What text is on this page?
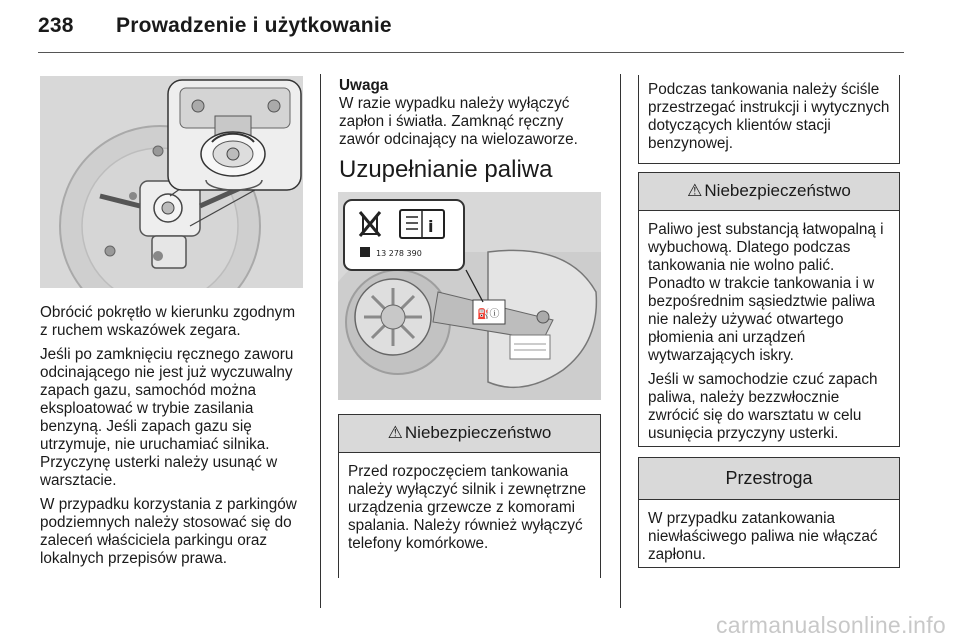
238 Prowadzenie i użytkowanie

Obrócić pokrętło w kierunku zgodnym z ruchem wskazówek zegara.

Jeśli po zamknięciu ręcznego zaworu odcinającego nie jest już wyczuwalny zapach gazu, samochód można eksploatować w trybie zasilania benzyną. Jeśli zapach gazu się utrzymuje, nie uruchamiać silnika. Przyczynę usterki należy usunąć w warsztacie.

W przypadku korzystania z parkingów podziemnych należy stosować się do zaleceń właściciela parkingu oraz lokalnych przepisów prawa.

Uwaga
W razie wypadku należy wyłączyć zapłon i światła. Zamknąć ręczny zawór odcinający na wielozaworze.
Uzupełnianie paliwa
⛽ⓘ
i
13 278 390
⚠ Niebezpieczeństwo

Przed rozpoczęciem tankowania należy wyłączyć silnik i zewnętrzne urządzenia grzewcze z komorami spalania. Należy również wyłączyć telefony komórkowe.

Podczas tankowania należy ściśle przestrzegać instrukcji i wytycznych dotyczących klientów stacji benzynowej.

⚠ Niebezpieczeństwo

Paliwo jest substancją łatwopalną i wybuchową. Dlatego podczas tankowania nie wolno palić. Ponadto w trakcie tankowania i w bezpośrednim sąsiedztwie paliwa nie należy używać otwartego płomienia ani urządzeń wytwarzających iskry.

Jeśli w samochodzie czuć zapach paliwa, należy bezzwłocznie zwrócić się do warsztatu w celu usunięcia przyczyny usterki.

Przestroga

W przypadku zatankowania niewłaściwego paliwa nie włączać zapłonu.

carmanualsonline.info
